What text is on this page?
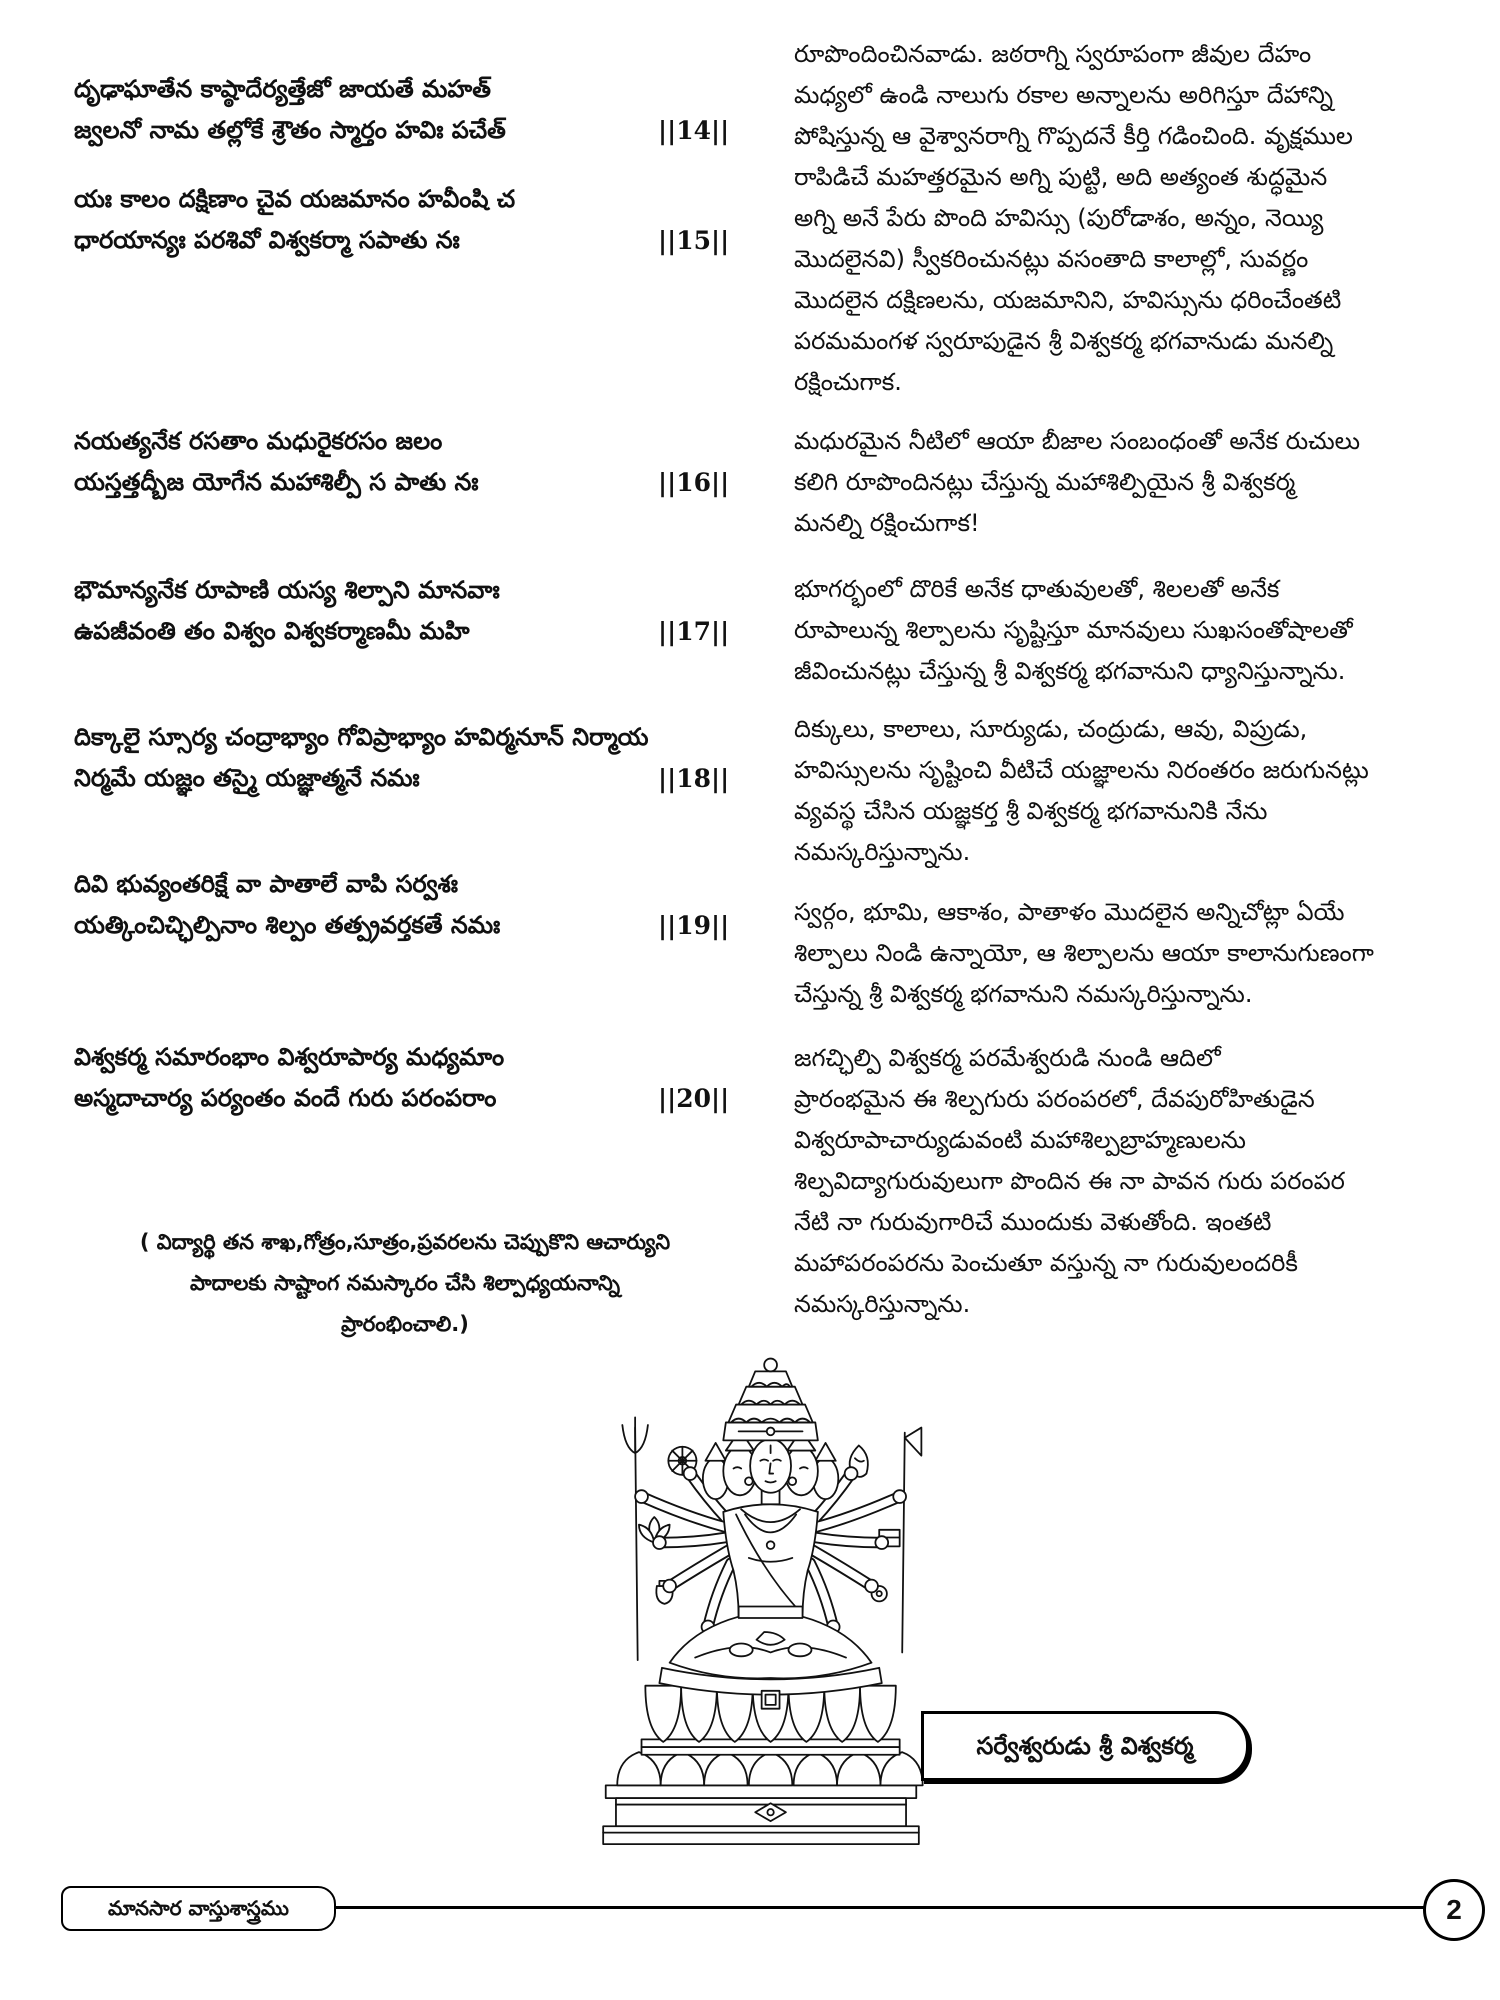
దృఢాఘాతేన కాష్ఠాదేర్యత్తేజో జాయతే మహత్
జ్వలనో నామ తల్లోకే శ్రౌతం స్మార్తం హవిః పచేత్	||14||
యః కాలం దక్షిణాం చైవ యజమానం హవీంషి చ
ధారయాన్యః పరశివో విశ్వకర్మా సపాతు నః	||15||
నయత్యనేక రసతాం మధురైకరసం జలం
యస్తత్తద్బీజ యోగేన మహాశిల్పీ స పాతు నః	||16||
భౌమాన్యనేక రూపాణి యస్య శిల్పాని మానవాః
ఉపజీవంతి తం విశ్వం విశ్వకర్మాణమీ మహి	||17||
దిక్కాలై స్సూర్య చంద్రాభ్యాం గోవిప్రాభ్యాం హవిర్మనూన్ నిర్మాయ
నిర్మమే యజ్ఞం తస్మై యజ్ఞాత్మనే నమః	||18||
దివి భువ్యంతరిక్షే వా పాతాలే వాపి సర్వశః
యత్కించిచ్ఛిల్పినాం శిల్పం తత్ప్రవర్తకతే నమః	||19||
విశ్వకర్మ సమారంభాం విశ్వరూపార్య మధ్యమాం
అస్మదాచార్య పర్యంతం వందే గురు పరంపరాం	||20||
( విద్యార్థి తన శాఖ,గోత్రం,సూత్రం,ప్రవరలను చెప్పుకొని ఆచార్యుని
పాదాలకు సాష్టాంగ నమస్కారం చేసి శిల్పాధ్యయనాన్ని
ప్రారంభించాలి.)
రూపొందించినవాడు. జఠరాగ్ని స్వరూపంగా జీవుల దేహం
మధ్యలో ఉండి నాలుగు రకాల అన్నాలను అరిగిస్తూ దేహాన్ని
పోషిస్తున్న ఆ వైశ్వానరాగ్ని గొప్పదనే కీర్తి గడించింది. వృక్షముల
రాపిడిచే మహత్తరమైన అగ్ని పుట్టి, అది అత్యంత శుద్ధమైన
అగ్ని అనే పేరు పొంది హవిస్సు (పురోడాశం, అన్నం, నెయ్యి
మొదలైనవి) స్వీకరించునట్లు వసంతాది కాలాల్లో, సువర్ణం
మొదలైన దక్షిణలను, యజమానిని, హవిస్సును ధరించేంతటి
పరమమంగళ స్వరూపుడైన శ్రీ విశ్వకర్మ భగవానుడు మనల్ని
రక్షించుగాక.
మధురమైన నీటిలో ఆయా బీజాల సంబంధంతో అనేక రుచులు
కలిగి రూపొందినట్లు చేస్తున్న మహాశిల్పియైన శ్రీ విశ్వకర్మ
మనల్ని రక్షించుగాక!
భూగర్భంలో దొరికే అనేక ధాతువులతో, శిలలతో అనేక
రూపాలున్న శిల్పాలను సృష్టిస్తూ మానవులు సుఖసంతోషాలతో
జీవించునట్లు చేస్తున్న శ్రీ విశ్వకర్మ భగవానుని ధ్యానిస్తున్నాను.
దిక్కులు, కాలాలు, సూర్యుడు, చంద్రుడు, ఆవు, విప్రుడు,
హవిస్సులను సృష్టించి వీటిచే యజ్ఞాలను నిరంతరం జరుగునట్లు
వ్యవస్థ చేసిన యజ్ఞకర్త శ్రీ విశ్వకర్మ భగవానునికి నేను
నమస్కరిస్తున్నాను.
స్వర్గం, భూమి, ఆకాశం, పాతాళం మొదలైన అన్నిచోట్లా ఏయే
శిల్పాలు నిండి ఉన్నాయో, ఆ శిల్పాలను ఆయా కాలానుగుణంగా
చేస్తున్న శ్రీ విశ్వకర్మ భగవానుని నమస్కరిస్తున్నాను.
జగచ్ఛిల్పి విశ్వకర్మ పరమేశ్వరుడి నుండి ఆదిలో
ప్రారంభమైన ఈ శిల్పగురు పరంపరలో, దేవపురోహితుడైన
విశ్వరూపాచార్యుడువంటి మహాశిల్పబ్రాహ్మణులను
శిల్పవిద్యాగురువులుగా పొందిన ఈ నా పావన గురు పరంపర
నేటి నా గురువుగారిచే ముందుకు వెళుతోంది. ఇంతటి
మహాపరంపరను పెంచుతూ వస్తున్న నా గురువులందరికీ
నమస్కరిస్తున్నాను.
సర్వేశ్వరుడు శ్రీ విశ్వకర్మ
మానసార వాస్తుశాస్త్రము	2
